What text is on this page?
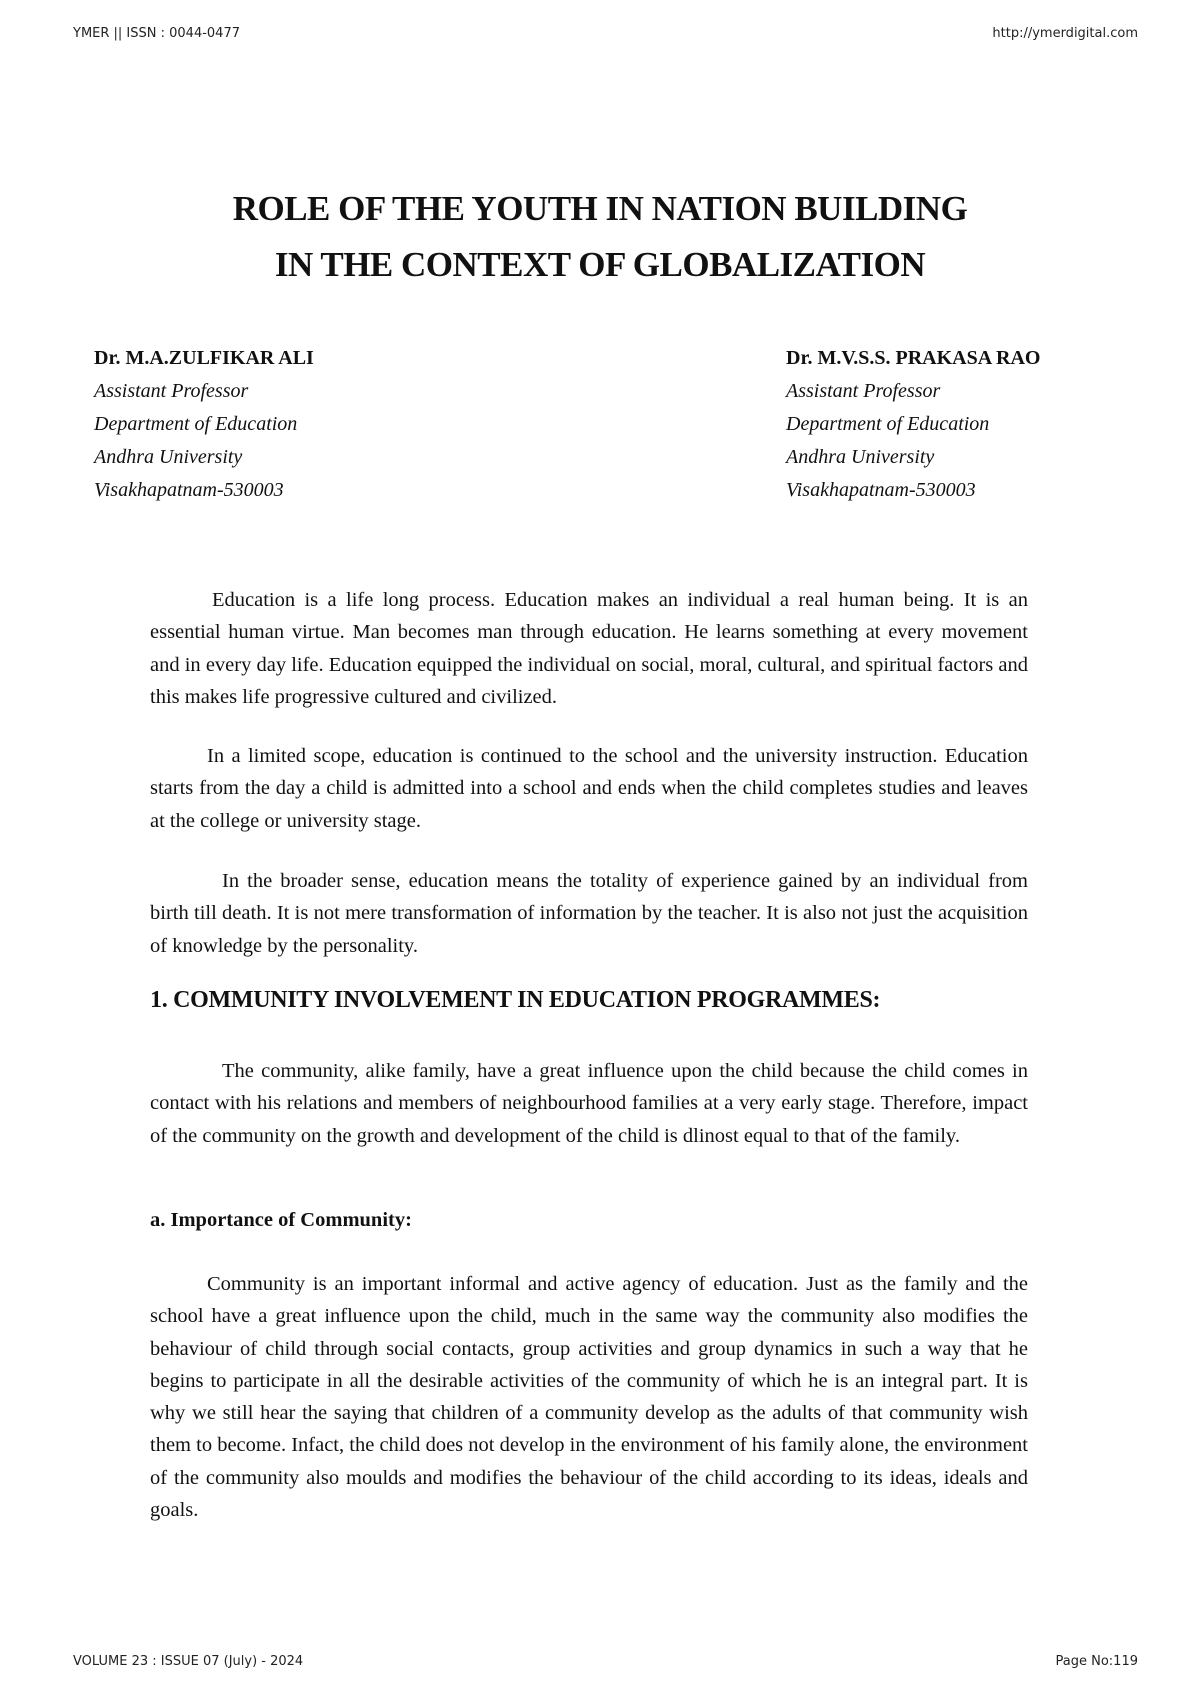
YMER || ISSN : 0044-0477	http://ymerdigital.com
ROLE OF THE YOUTH IN NATION BUILDING
IN THE CONTEXT OF GLOBALIZATION
Dr. M.A.ZULFIKAR ALI
Assistant Professor
Department of Education
Andhra University
Visakhapatnam-530003
Dr. M.V.S.S. PRAKASA RAO
Assistant Professor
Department of Education
Andhra University
Visakhapatnam-530003

Education is a life long process. Education makes an individual a real human being. It is an essential human virtue. Man becomes man through education. He learns something at every movement and in every day life. Education equipped the individual on social, moral, cultural, and spiritual factors and this makes life progressive cultured and civilized.

In a limited scope, education is continued to the school and the university instruction. Education starts from the day a child is admitted into a school and ends when the child completes studies and leaves at the college or university stage.

In the broader sense, education means the totality of experience gained by an individual from birth till death. It is not mere transformation of information by the teacher. It is also not just the acquisition of knowledge by the personality.

1. COMMUNITY INVOLVEMENT IN EDUCATION PROGRAMMES:

The community, alike family, have a great influence upon the child because the child comes in contact with his relations and members of neighbourhood families at a very early stage. Therefore, impact of the community on the growth and development of the child is dlinost equal to that of the family.

a. Importance of Community:

Community is an important informal and active agency of education. Just as the family and the school have a great influence upon the child, much in the same way the community also modifies the behaviour of child through social contacts, group activities and group dynamics in such a way that he begins to participate in all the desirable activities of the community of which he is an integral part. It is why we still hear the saying that children of a community develop as the adults of that community wish them to become. Infact, the child does not develop in the environment of his family alone, the environment of the community also moulds and modifies the behaviour of the child according to its ideas, ideals and goals.

VOLUME 23 : ISSUE 07 (July) - 2024	Page No:119
